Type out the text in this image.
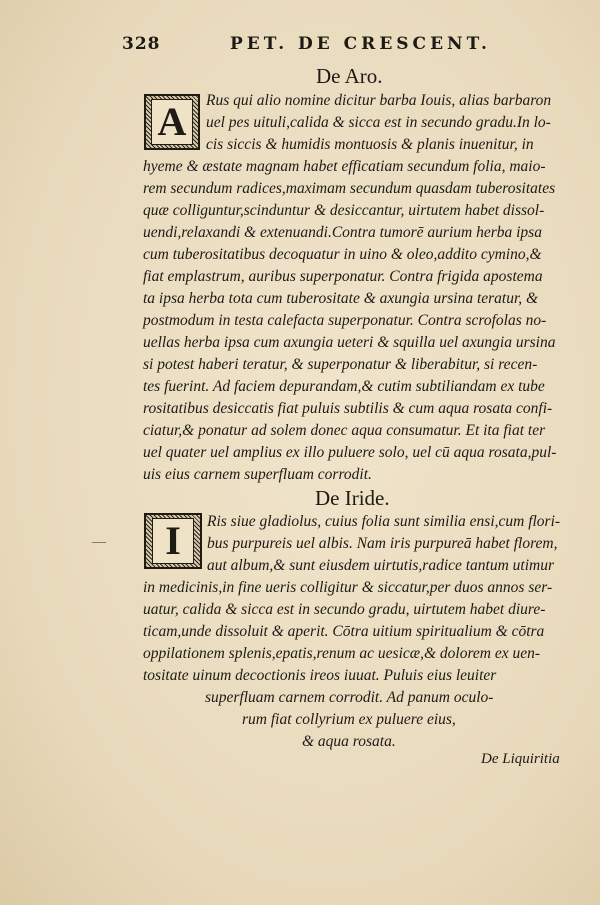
328	PET. DE CRESCENT.
De Aro.
A	Rus qui alio nomine dicitur barba Iouis, alias barbaron
uel pes uituli,calida & sicca est in secundo gradu.In lo-
cis siccis & humidis montuosis & planis inuenitur, in
hyeme & æstate magnam habet efficatiam secundum folia, maio-
rem secundum radices,maximam secundum quasdam tuberositates
quæ colliguntur,scinduntur & desiccantur, uirtutem habet dissol-
uendi,relaxandi & extenuandi.Contra tumorē aurium herba ipsa
cum tuberositatibus decoquatur in uino & oleo,addito cymino,&
fiat emplastrum, auribus superponatur. Contra frigida apostema
ta ipsa herba tota cum tuberositate & axungia ursina teratur, &
postmodum in testa calefacta superponatur. Contra scrofolas no-
uellas herba ipsa cum axungia ueteri & squilla uel axungia ursina
si potest haberi teratur, & superponatur & liberabitur, si recen-
tes fuerint. Ad faciem depurandam,& cutim subtiliandam ex tube
rositatibus desiccatis fiat puluis subtilis & cum aqua rosata confi-
ciatur,& ponatur ad solem donec aqua consumatur. Et ita fiat ter
uel quater uel amplius ex illo puluere solo, uel cū aqua rosata,pul-
uis eius carnem superfluam corrodit.
De Iride.
I	Ris siue gladiolus, cuius folia sunt similia ensi,cum flori-
bus purpureis uel albis. Nam iris purpureā habet florem,
aut album,& sunt eiusdem uirtutis,radice tantum utimur
in medicinis,in fine ueris colligitur & siccatur,per duos annos ser-
uatur, calida & sicca est in secundo gradu, uirtutem habet diure-
ticam,unde dissoluit & aperit. Cōtra uitium spiritualium & cōtra
oppilationem splenis,epatis,renum ac uesicæ,& dolorem ex uen-
tositate uinum decoctionis ireos iuuat. Puluis eius leuiter
superfluam carnem corrodit. Ad panum oculo-
rum fiat collyrium ex puluere eius,
& aqua rosata.
De Liquiritia
